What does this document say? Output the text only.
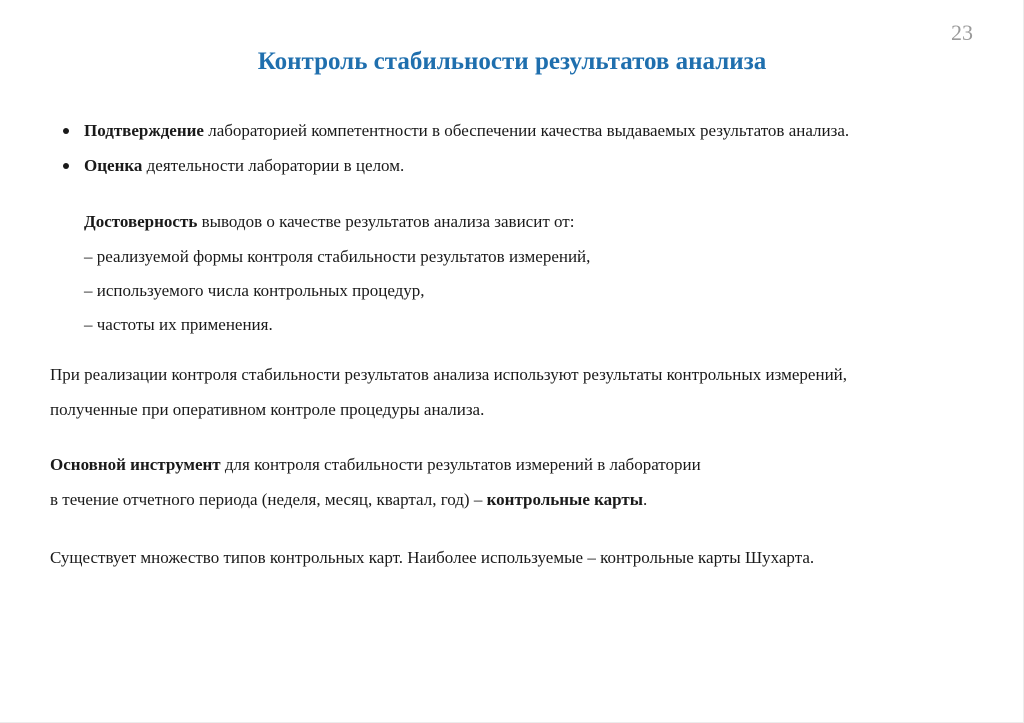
23
Контроль стабильности результатов анализа
Подтверждение лабораторией компетентности в обеспечении качества выдаваемых результатов анализа.
Оценка деятельности лаборатории в целом.
Достоверность выводов о качестве результатов анализа зависит от:
– реализуемой формы контроля стабильности результатов измерений,
– используемого числа контрольных процедур,
– частоты их применения.
При реализации контроля стабильности результатов анализа используют результаты контрольных измерений,
полученные при оперативном контроле процедуры анализа.
Основной инструмент для контроля стабильности результатов измерений в лаборатории
в течение отчетного периода (неделя, месяц, квартал, год) – контрольные карты.
Существует множество типов контрольных карт. Наиболее используемые – контрольные карты Шухарта.
